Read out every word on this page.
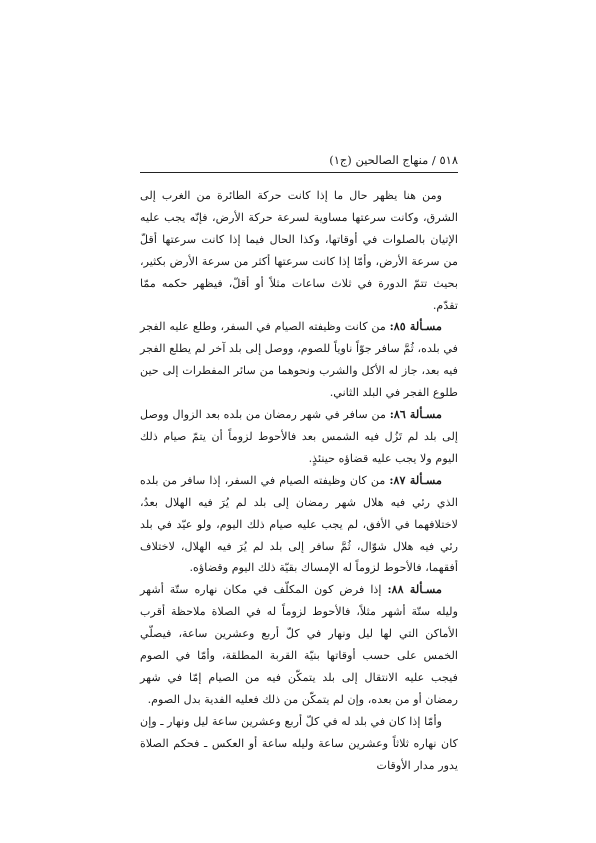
٥١٨ / منهاج الصالحين (ج١)

ومن هنا يظهر حال ما إذا كانت حركة الطائرة من الغرب إلى الشرق، وكانت سرعتها مساوية لسرعة حركة الأرض، فإنّه يجب عليه الإتيان بالصلوات في أوقاتها، وكذا الحال فيما إذا كانت سرعتها أقلّ من سرعة الأرض، وأمّا إذا كانت سرعتها أكثر من سرعة الأرض بكثير، بحيث تتمّ الدورة في ثلاث ساعات مثلاً أو أقلّ، فيظهر حكمه ممّا تقدّم.

مسـألة ٨٥: من كانت وظيفته الصيام في السفر، وطلع عليه الفجر في بلده، ثُمَّ سافر جوّاً ناوياً للصوم، ووصل إلى بلد آخر لم يطلع الفجر فيه بعد، جاز له الأكل والشرب ونحوهما من سائر المفطرات إلى حين طلوع الفجر في البلد الثاني.

مسـألة ٨٦: من سافر في شهر رمضان من بلده بعد الزوال ووصل إلى بلد لم تَزُل فيه الشمس بعد فالأحوط لزوماً أن يتمّ صيام ذلك اليوم ولا يجب عليه قضاؤه حينئذٍ.

مسـألة ٨٧: من كان وظيفته الصيام في السفر، إذا سافر من بلده الذي رئي فيه هلال شهر رمضان إلى بلد لم يُرَ فيه الهلال بعدُ، لاختلافهما في الأفق، لم يجب عليه صيام ذلك اليوم، ولو عيّد في بلد رئي فيه هلال شوّال، ثُمَّ سافر إلى بلد لم يُرَ فيه الهلال، لاختلاف أفقهما، فالأحوط لزوماً له الإمساك بقيّة ذلك اليوم وقضاؤه.

مسـألة ٨٨: إذا فرض كون المكلّف في مكان نهاره ستّة أشهر وليله ستّة أشهر مثلاً، فالأحوط لزوماً له في الصلاة ملاحظة أقرب الأماكن التي لها ليل ونهار في كلّ أربع وعشرين ساعة، فيصلّي الخمس على حسب أوقاتها بنيّة القربة المطلقة، وأمّا في الصوم فيجب عليه الانتقال إلى بلد يتمكّن فيه من الصيام إمّا في شهر رمضان أو من بعده، وإن لم يتمكّن من ذلك فعليه الفدية بدل الصوم.

وأمّا إذا كان في بلد له في كلّ أربع وعشرين ساعة ليل ونهار ـ وإن كان نهاره ثلاثاً وعشرين ساعة وليله ساعة أو العكس ـ فحكم الصلاة يدور مدار الأوقات
